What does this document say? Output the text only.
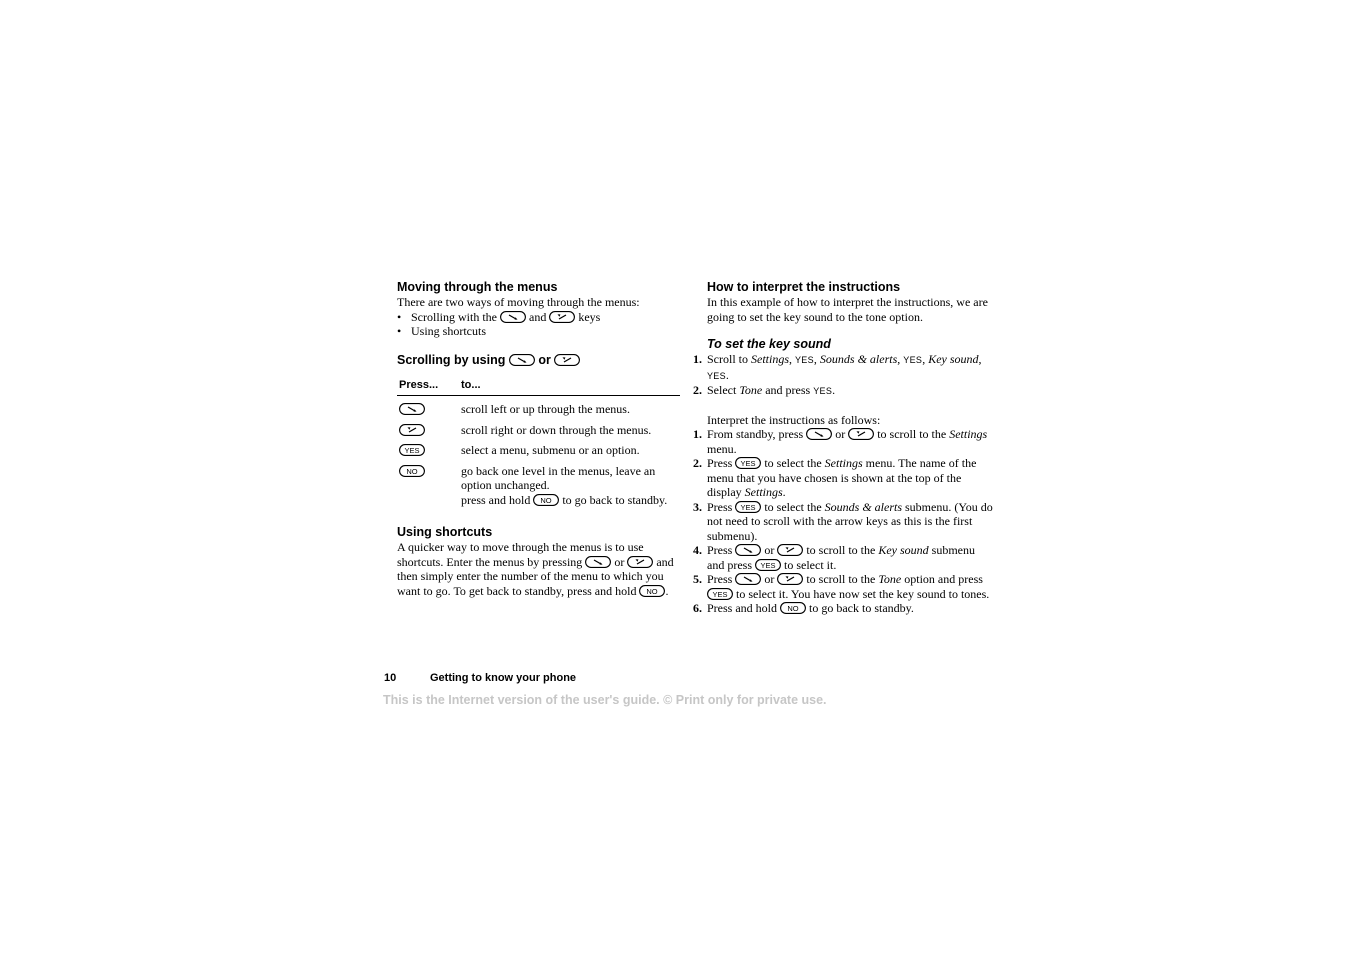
Moving through the menus

There are two ways of moving through the menus:

• Scrolling with the	and	keys
• Using shortcuts
Scrolling by using	or
Press...	to...

	scroll left or up through the menus.

	scroll right or down through the menus.

YES	select a menu, submenu or an option.

NO	go back one level in the menus, leave an option unchanged.
press and hold NO to go back to standby.
Using shortcuts

A quicker way to move through the menus is to use shortcuts. Enter the menus by pressing	or	and then simply enter the number of the menu to which you want to go. To get back to standby, press and hold NO .

How to interpret the instructions

In this example of how to interpret the instructions, we are going to set the key sound to the tone option.

To set the key sound
1. Scroll to Settings, YES, Sounds & alerts, YES, Key sound, YES.
2. Select Tone and press YES.

Interpret the instructions as follows:

1. From standby, press	or	to scroll to the Settings menu.
2. Press YES to select the Settings menu. The name of the menu that you have chosen is shown at the top of the display Settings.
3. Press YES to select the Sounds & alerts submenu. (You do not need to scroll with the arrow keys as this is the first submenu).
4. Press	or	to scroll to the Key sound submenu and press YES to select it.
5. Press	or	to scroll to the Tone option and press
YES to select it. You have now set the key sound to tones.
6. Press and hold NO to go back to standby.
10	Getting to know your phone
This is the Internet version of the user's guide. © Print only for private use.
